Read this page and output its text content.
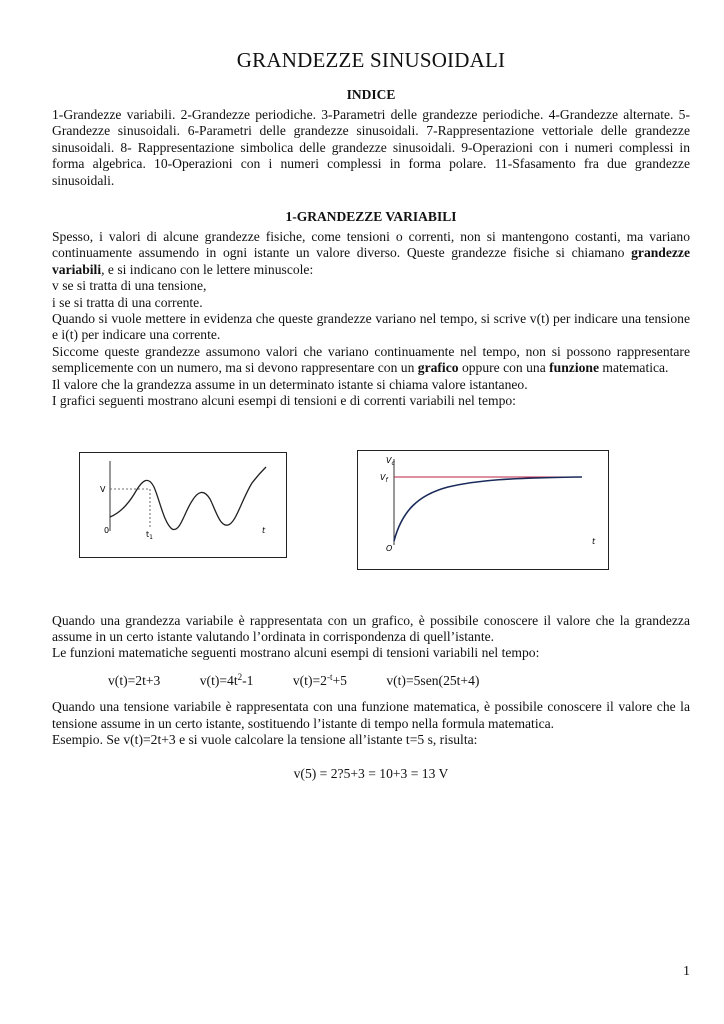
GRANDEZZE SINUSOIDALI
INDICE

1-Grandezze variabili. 2-Grandezze periodiche. 3-Parametri delle grandezze periodiche. 4-Grandezze alternate. 5-Grandezze sinusoidali. 6-Parametri delle grandezze sinusoidali. 7-Rappresentazione vettoriale delle grandezze sinusoidali. 8- Rappresentazione simbolica delle grandezze sinusoidali. 9-Operazioni con i numeri complessi in forma algebrica. 10-Operazioni con i numeri complessi in forma polare. 11-Sfasamento fra due grandezze sinusoidali.

1-GRANDEZZE VARIABILI

Spesso, i valori di alcune grandezze fisiche, come tensioni o correnti, non si mantengono costanti, ma variano continuamente assumendo in ogni istante un valore diverso. Queste grandezze fisiche si chiamano grandezze variabili, e si indicano con le lettere minuscole:

v se si tratta di una tensione,

i se si tratta di una corrente.

Quando si vuole mettere in evidenza che queste grandezze variano nel tempo, si scrive v(t) per indicare una tensione e i(t) per indicare una corrente.

Siccome queste grandezze assumono valori che variano continuamente nel tempo, non si possono rappresentare semplicemente con un numero, ma si devono rappresentare con un grafico oppure con una funzione matematica.

Il valore che la grandezza assume in un determinato istante si chiama valore istantaneo.

I grafici seguenti mostrano alcuni esempi di tensioni e di correnti variabili nel tempo:

V
0	$t_1$
t
$V_c$
$V_f$
O
t

Quando una grandezza variabile è rappresentata con un grafico, è possibile conoscere il valore che la grandezza assume in un certo istante valutando l’ordinata in corrispondenza di quell’istante.

Le funzioni matematiche seguenti mostrano alcuni esempi di tensioni variabili nel tempo:

v(t)=2t+3	$v(t)=4t^2-1$	$v(t)=2^{-t}+5$	v(t)=5sen(25t+4)

Quando una tensione variabile è rappresentata con una funzione matematica, è possibile conoscere il valore che la tensione assume in un certo istante, sostituendo l’istante di tempo nella formula matematica.

Esempio. Se v(t)=2t+3 e si vuole calcolare la tensione all’istante t=5 s, risulta:

v(5) = 2?5+3 = 10+3 = 13 V
1
